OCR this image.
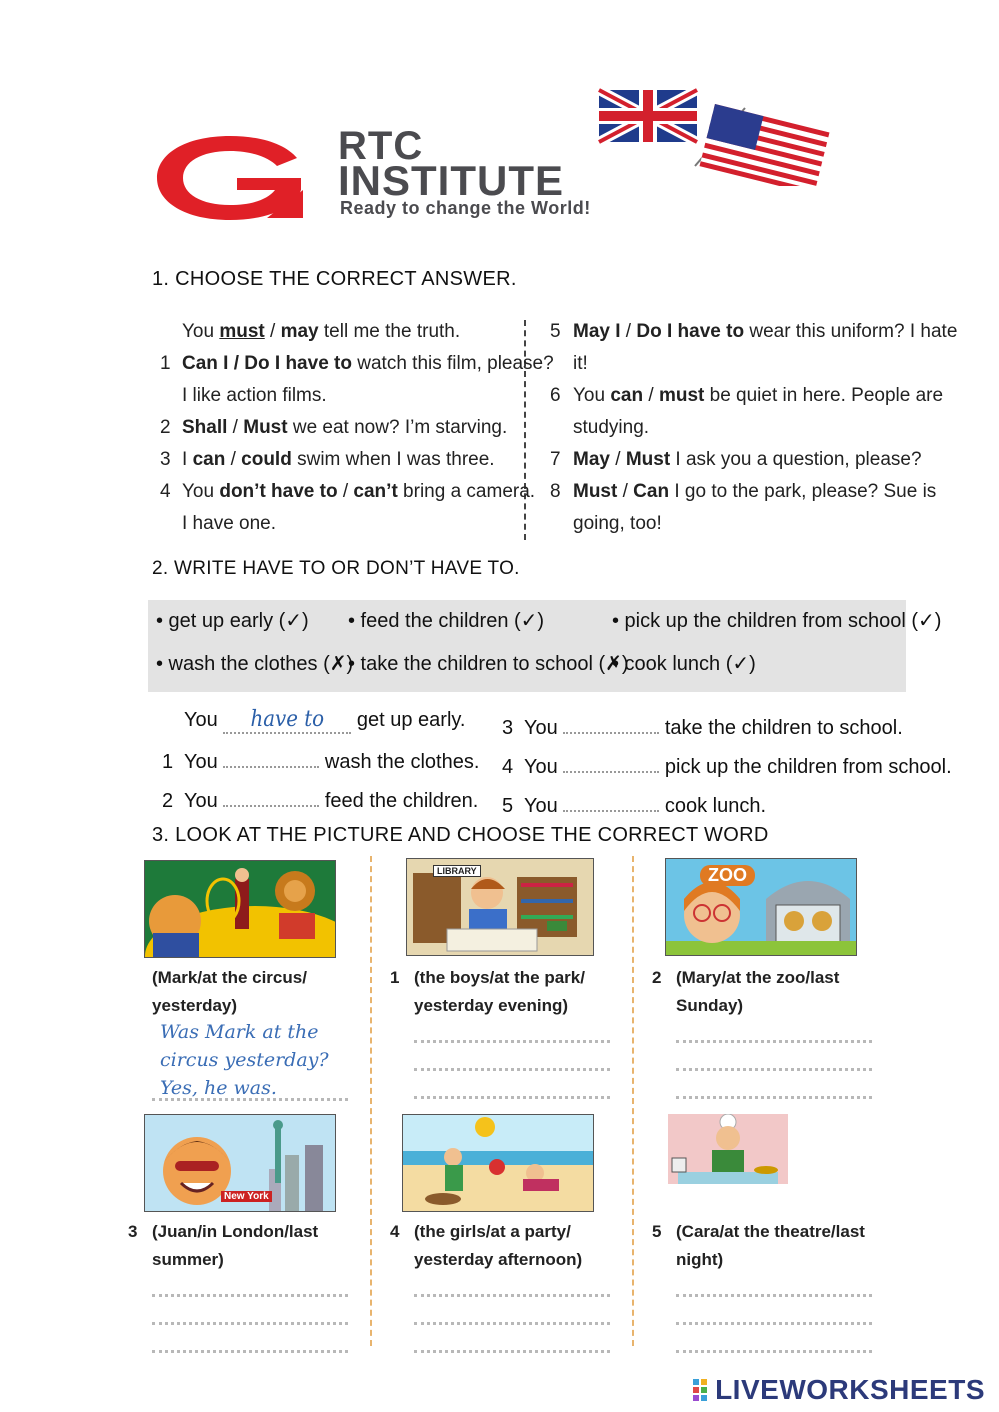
RTC
INSTITUTE
Ready to change the World!
1. CHOOSE THE CORRECT ANSWER.
You must / may tell me the truth.
1 Can I / Do I have to watch this film, please?
I like action films.
2 Shall / Must we eat now? I’m starving.
3 I can / could swim when I was three.
4 You don’t have to / can’t bring a camera.
I have one.
5 May I / Do I have to wear this uniform? I hate
it!
6 You can / must be quiet in here. People are
studying.
7 May / Must I ask you a question, please?
8 Must / Can I go to the park, please? Sue is
going, too!
2. WRITE HAVE TO OR DON’T HAVE TO.
• get up early (✓) • feed the children (✓)	• pick up the children from school (✓)
• wash the clothes (✗)
• take the children to school (✗)
• cook lunch (✓)
You have to get up early.
1 You	wash the clothes.
2 You	feed the children.
3 You	take the children to school.
4 You	pick up the children from school.
5 You	cook lunch.
3. LOOK AT THE PICTURE AND CHOOSE THE CORRECT WORD
LIBRARY	ZOO
(Mark/at the circus/
yesterday)
Was Mark at the
circus yesterday?
Yes, he was.
1 (the boys/at the park/
yesterday evening)
2 (Mary/at the zoo/last
Sunday)
New York
3 (Juan/in London/last
summer)
4 (the girls/at a party/
yesterday afternoon)
5 (Cara/at the theatre/last
night)
LIVEWORKSHEETS
